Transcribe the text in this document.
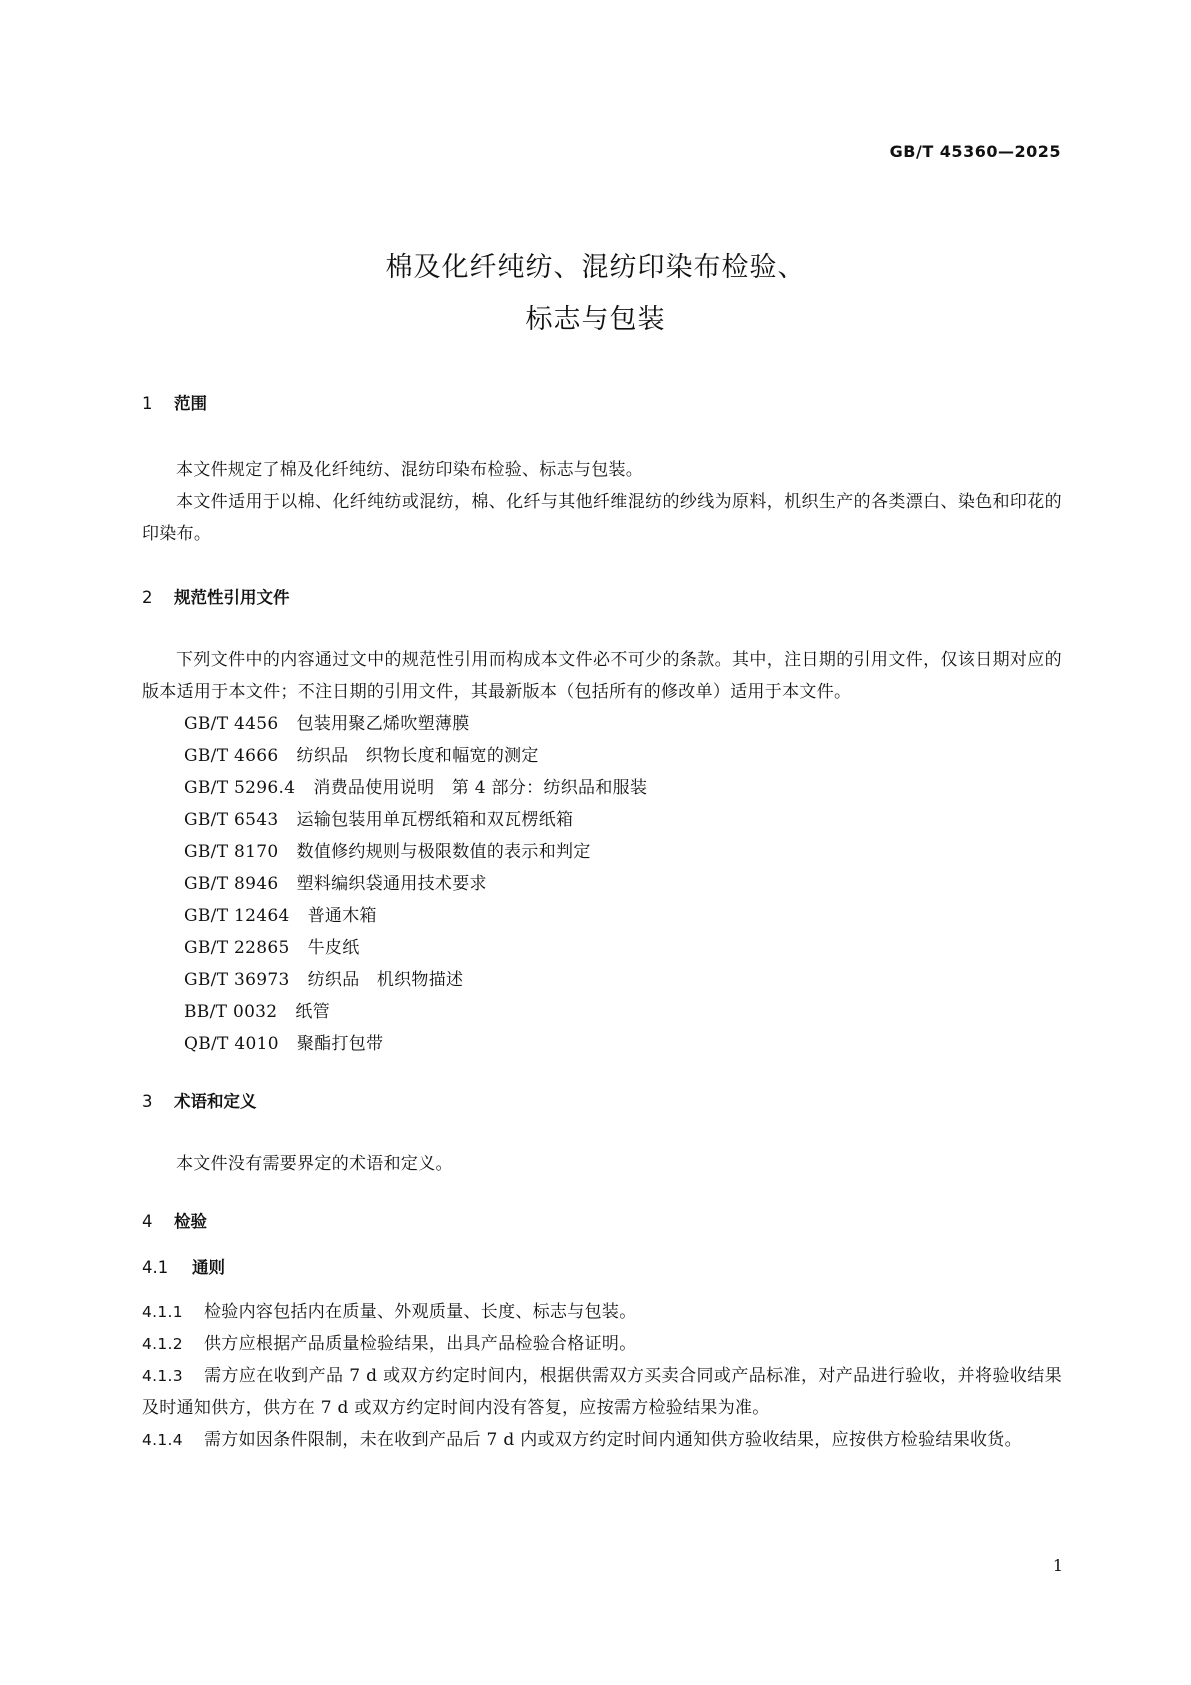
GB/T 45360—2025
棉及化纤纯纺、混纺印染布检验、
标志与包装
1 范围

本文件规定了棉及化纤纯纺、混纺印染布检验、标志与包装。

本文件适用于以棉、化纤纯纺或混纺，棉、化纤与其他纤维混纺的纱线为原料，机织生产的各类漂白、染色和印花的印染布。

2 规范性引用文件

下列文件中的内容通过文中的规范性引用而构成本文件必不可少的条款。其中，注日期的引用文件，仅该日期对应的版本适用于本文件；不注日期的引用文件，其最新版本（包括所有的修改单）适用于本文件。

GB/T 4456 包装用聚乙烯吹塑薄膜
GB/T 4666 纺织品　织物长度和幅宽的测定
GB/T 5296.4 消费品使用说明　第 4 部分：纺织品和服装
GB/T 6543 运输包装用单瓦楞纸箱和双瓦楞纸箱
GB/T 8170 数值修约规则与极限数值的表示和判定
GB/T 8946 塑料编织袋通用技术要求
GB/T 12464 普通木箱
GB/T 22865 牛皮纸
GB/T 36973 纺织品　机织物描述
BB/T 0032 纸管
QB/T 4010 聚酯打包带
3 术语和定义

本文件没有需要界定的术语和定义。

4 检验
4.1 通则
4.1.1 检验内容包括内在质量、外观质量、长度、标志与包装。
4.1.2 供方应根据产品质量检验结果，出具产品检验合格证明。
4.1.3 需方应在收到产品 7 d 或双方约定时间内，根据供需双方买卖合同或产品标准，对产品进行验收，并将验收结果及时通知供方，供方在 7 d 或双方约定时间内没有答复，应按需方检验结果为准。
4.1.4 需方如因条件限制，未在收到产品后 7 d 内或双方约定时间内通知供方验收结果，应按供方检验结果收货。
1
